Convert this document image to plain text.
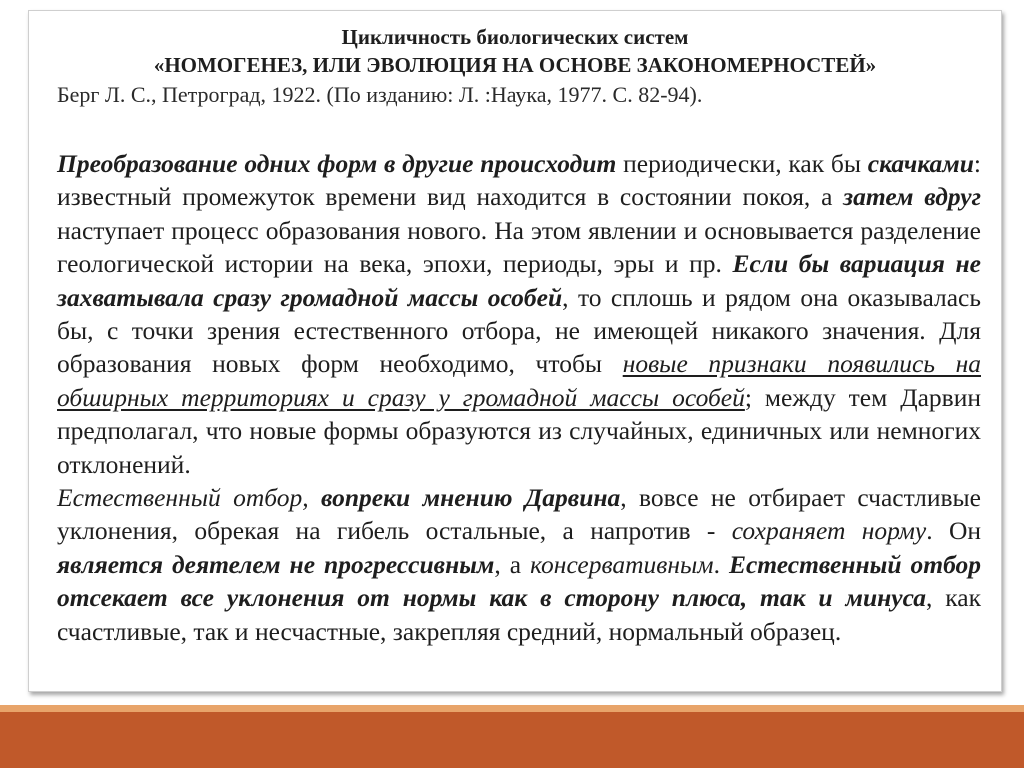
Цикличность биологических систем
«НОМОГЕНЕЗ, ИЛИ ЭВОЛЮЦИЯ НА ОСНОВЕ ЗАКОНОМЕРНОСТЕЙ»
Берг Л. С., Петроград, 1922. (По изданию: Л. :Наука, 1977. С. 82-94).

Преобразование одних форм в другие происходит периодически, как бы скачками: известный промежуток времени вид находится в состоянии покоя, а затем вдруг наступает процесс образования нового. На этом явлении и основывается разделение геологической истории на века, эпохи, периоды, эры и пр. Если бы вариация не захватывала сразу громадной массы особей, то сплошь и рядом она оказывалась бы, с точки зрения естественного отбора, не имеющей никакого значения. Для образования новых форм необходимо, чтобы новые признаки появились на обширных территориях и сразу у громадной массы особей; между тем Дарвин предполагал, что новые формы образуются из случайных, единичных или немногих отклонений.

Естественный отбор, вопреки мнению Дарвина, вовсе не отбирает счастливые уклонения, обрекая на гибель остальные, а напротив - сохраняет норму. Он является деятелем не прогрессивным, а консервативным. Естественный отбор отсекает все уклонения от нормы как в сторону плюса, так и минуса, как счастливые, так и несчастные, закрепляя средний, нормальный образец.
